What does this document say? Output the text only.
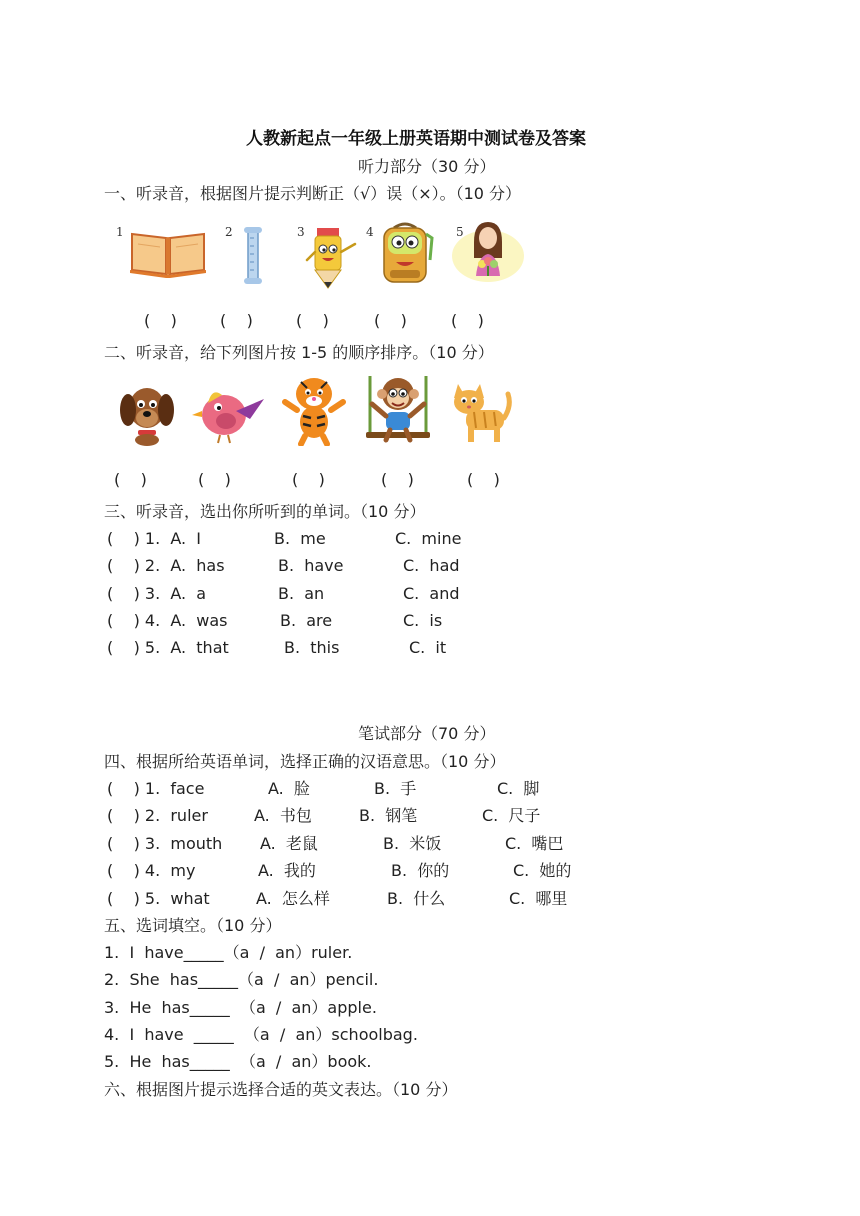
人教新起点一年级上册英语期中测试卷及答案
听力部分（30 分）
一、听录音，根据图片提示判断正（√）误（×）。（10 分）
1	2	3	4	5
(    )	(    )	(    )	(    )	(    )
二、听录音，给下列图片按 1-5 的顺序排序。（10 分）
(    )	(    )	(    )	(    )	(    )
三、听录音，选出你所听到的单词。（10 分）
(    ) 1.  A.  I	B.  me	C.  mine
(    ) 2.  A.  has	B.  have	C.  had
(    ) 3.  A.  a	B.  an	C.  and
(    ) 4.  A.  was	B.  are	C.  is
(    ) 5.  A.  that	B.  this	C.  it
笔试部分（70 分）
四、根据所给英语单词，选择正确的汉语意思。（10 分）
(    ) 1.  face	A.  脸	B.  手	C.  脚
(    ) 2.  ruler	A.  书包	B.  钢笔	C.  尺子
(    ) 3.  mouth A.  老鼠	B.  米饭	C.  嘴巴
(    ) 4.  my	A.  我的	B.  你的	C.  她的
(    ) 5.  what	A.  怎么样	B.  什么	C.  哪里
五、选词填空。（10 分）
1.  I  have_____（a  /  an）ruler.
2.  She  has_____（a  /  an）pencil.
3.  He  has_____  （a  /  an）apple.
4.  I  have  _____  （a  /  an）schoolbag.
5.  He  has_____  （a  /  an）book.
六、根据图片提示选择合适的英文表达。（10 分）
